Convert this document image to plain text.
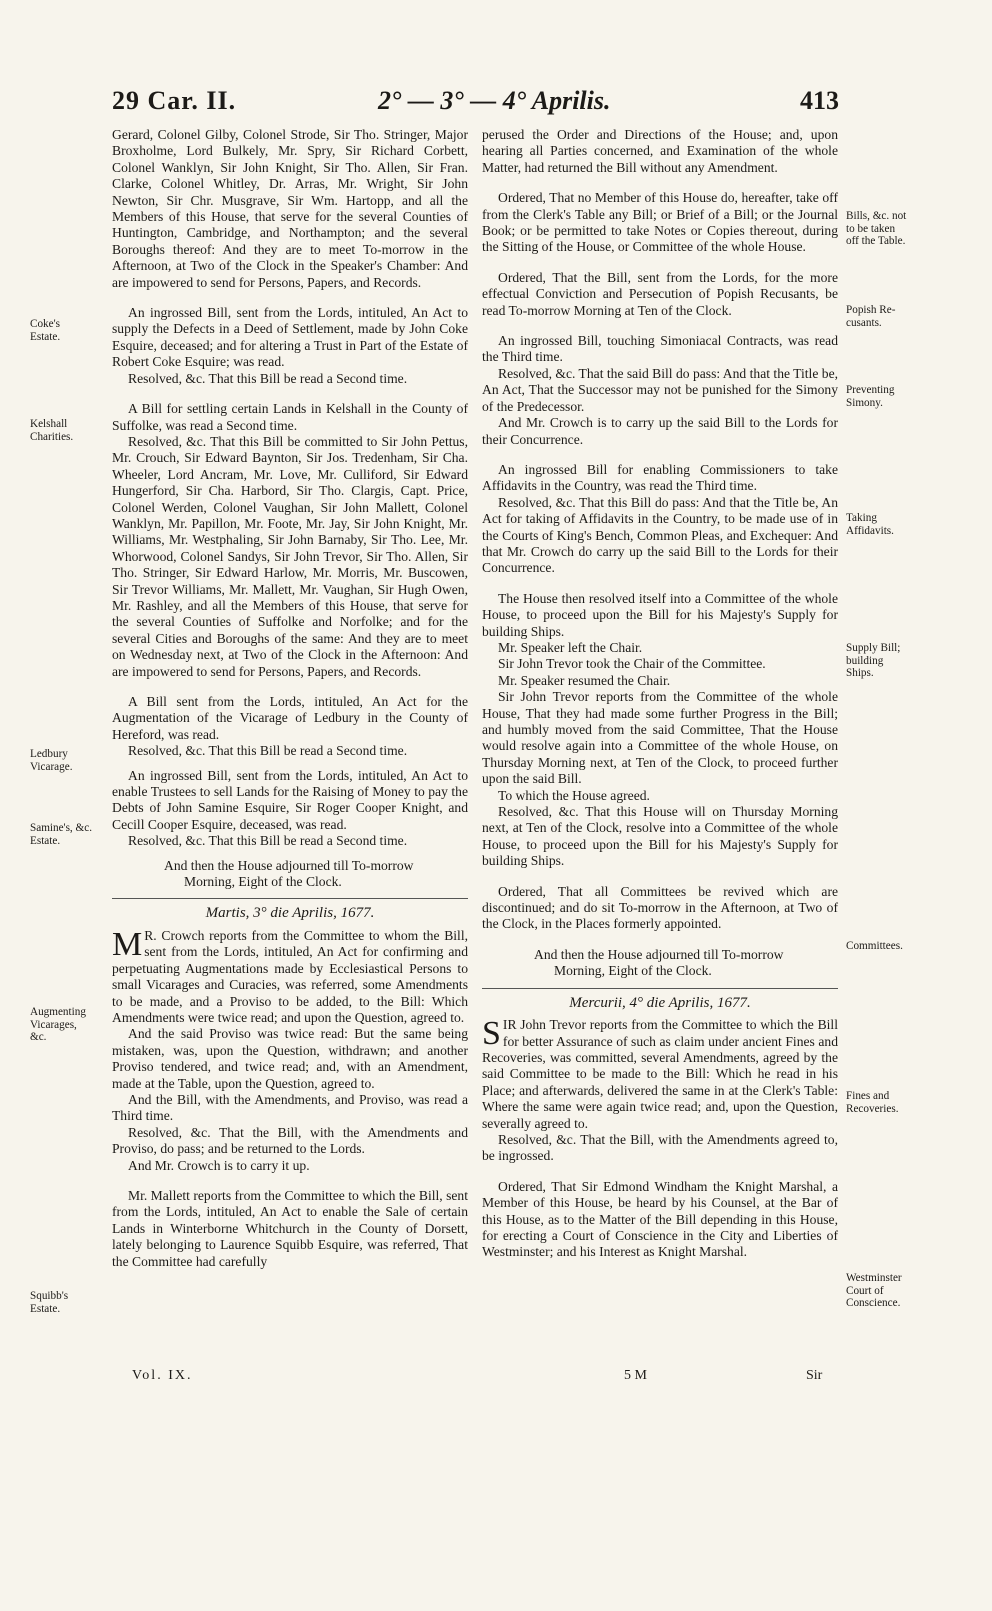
29 Car. II.	2° — 3° — 4° Aprilis.	413
Coke's
Estate.
Kelshall
Charities.
Ledbury
Vicarage.
Samine's, &c.
Estate.
Augmenting
Vicarages,
&c.
Squibb's
Estate.
Bills, &c. not
to be taken
off the Table.
Popish Re-
cusants.
Preventing
Simony.
Taking
Affidavits.
Supply Bill;
building
Ships.
Committees.
Fines and
Recoveries.
Westminster
Court of
Conscience.

Gerard, Colonel Gilby, Colonel Strode, Sir Tho. Stringer, Major Broxholme, Lord Bulkely, Mr. Spry, Sir Richard Corbett, Colonel Wanklyn, Sir John Knight, Sir Tho. Allen, Sir Fran. Clarke, Colonel Whitley, Dr. Arras, Mr. Wright, Sir John Newton, Sir Chr. Musgrave, Sir Wm. Hartopp, and all the Members of this House, that serve for the several Counties of Huntington, Cambridge, and Northampton; and the several Boroughs thereof: And they are to meet To-morrow in the Afternoon, at Two of the Clock in the Speaker's Chamber: And are impowered to send for Persons, Papers, and Records.

An ingrossed Bill, sent from the Lords, intituled, An Act to supply the Defects in a Deed of Settlement, made by John Coke Esquire, deceased; and for altering a Trust in Part of the Estate of Robert Coke Esquire; was read.

Resolved, &c. That this Bill be read a Second time.

A Bill for settling certain Lands in Kelshall in the County of Suffolke, was read a Second time.

Resolved, &c. That this Bill be committed to Sir John Pettus, Mr. Crouch, Sir Edward Baynton, Sir Jos. Tredenham, Sir Cha. Wheeler, Lord Ancram, Mr. Love, Mr. Culliford, Sir Edward Hungerford, Sir Cha. Harbord, Sir Tho. Clargis, Capt. Price, Colonel Werden, Colonel Vaughan, Sir John Mallett, Colonel Wanklyn, Mr. Papillon, Mr. Foote, Mr. Jay, Sir John Knight, Mr. Williams, Mr. Westphaling, Sir John Barnaby, Sir Tho. Lee, Mr. Whorwood, Colonel Sandys, Sir John Trevor, Sir Tho. Allen, Sir Tho. Stringer, Sir Edward Harlow, Mr. Morris, Mr. Buscowen, Sir Trevor Williams, Mr. Mallett, Mr. Vaughan, Sir Hugh Owen, Mr. Rashley, and all the Members of this House, that serve for the several Counties of Suffolke and Norfolke; and for the several Cities and Boroughs of the same: And they are to meet on Wednesday next, at Two of the Clock in the Afternoon: And are impowered to send for Persons, Papers, and Records.

A Bill sent from the Lords, intituled, An Act for the Augmentation of the Vicarage of Ledbury in the County of Hereford, was read.

Resolved, &c. That this Bill be read a Second time.

An ingrossed Bill, sent from the Lords, intituled, An Act to enable Trustees to sell Lands for the Raising of Money to pay the Debts of John Samine Esquire, Sir Roger Cooper Knight, and Cecill Cooper Esquire, deceased, was read.

Resolved, &c. That this Bill be read a Second time.

And then the House adjourned till To-morrow
Morning, Eight of the Clock.

Martis, 3° die Aprilis, 1677.

M R. Crowch reports from the Committee to whom the Bill, sent from the Lords, intituled, An Act for confirming and perpetuating Augmentations made by Ecclesiastical Persons to small Vicarages and Curacies, was referred, some Amendments to be made, and a Proviso to be added, to the Bill: Which Amendments were twice read; and upon the Question, agreed to.

And the said Proviso was twice read: But the same being mistaken, was, upon the Question, withdrawn; and another Proviso tendered, and twice read; and, with an Amendment, made at the Table, upon the Question, agreed to.

And the Bill, with the Amendments, and Proviso, was read a Third time.

Resolved, &c. That the Bill, with the Amendments and Proviso, do pass; and be returned to the Lords.

And Mr. Crowch is to carry it up.

Mr. Mallett reports from the Committee to which the Bill, sent from the Lords, intituled, An Act to enable the Sale of certain Lands in Winterborne Whitchurch in the County of Dorsett, lately belonging to Laurence Squibb Esquire, was referred, That the Committee had carefully

perused the Order and Directions of the House; and, upon hearing all Parties concerned, and Examination of the whole Matter, had returned the Bill without any Amendment.

Ordered, That no Member of this House do, hereafter, take off from the Clerk's Table any Bill; or Brief of a Bill; or the Journal Book; or be permitted to take Notes or Copies thereout, during the Sitting of the House, or Committee of the whole House.

Ordered, That the Bill, sent from the Lords, for the more effectual Conviction and Persecution of Popish Recusants, be read To-morrow Morning at Ten of the Clock.

An ingrossed Bill, touching Simoniacal Contracts, was read the Third time.

Resolved, &c. That the said Bill do pass: And that the Title be, An Act, That the Successor may not be punished for the Simony of the Predecessor.

And Mr. Crowch is to carry up the said Bill to the Lords for their Concurrence.

An ingrossed Bill for enabling Commissioners to take Affidavits in the Country, was read the Third time.

Resolved, &c. That this Bill do pass: And that the Title be, An Act for taking of Affidavits in the Country, to be made use of in the Courts of King's Bench, Common Pleas, and Exchequer: And that Mr. Crowch do carry up the said Bill to the Lords for their Concurrence.

The House then resolved itself into a Committee of the whole House, to proceed upon the Bill for his Majesty's Supply for building Ships.

Mr. Speaker left the Chair.

Sir John Trevor took the Chair of the Committee.

Mr. Speaker resumed the Chair.

Sir John Trevor reports from the Committee of the whole House, That they had made some further Progress in the Bill; and humbly moved from the said Committee, That the House would resolve again into a Committee of the whole House, on Thursday Morning next, at Ten of the Clock, to proceed further upon the said Bill.

To which the House agreed.

Resolved, &c. That this House will on Thursday Morning next, at Ten of the Clock, resolve into a Committee of the whole House, to proceed upon the Bill for his Majesty's Supply for building Ships.

Ordered, That all Committees be revived which are discontinued; and do sit To-morrow in the Afternoon, at Two of the Clock, in the Places formerly appointed.

And then the House adjourned till To-morrow
Morning, Eight of the Clock.

Mercurii, 4° die Aprilis, 1677.

SIR John Trevor reports from the Committee to which the Bill for better Assurance of such as claim under ancient Fines and Recoveries, was committed, several Amendments, agreed by the said Committee to be made to the Bill: Which he read in his Place; and afterwards, delivered the same in at the Clerk's Table: Where the same were again twice read; and, upon the Question, severally agreed to.

Resolved, &c. That the Bill, with the Amendments agreed to, be ingrossed.

Ordered, That Sir Edmond Windham the Knight Marshal, a Member of this House, be heard by his Counsel, at the Bar of this House, as to the Matter of the Bill depending in this House, for erecting a Court of Conscience in the City and Liberties of Westminster; and his Interest as Knight Marshal.

Vol. IX.	5 M	Sir
